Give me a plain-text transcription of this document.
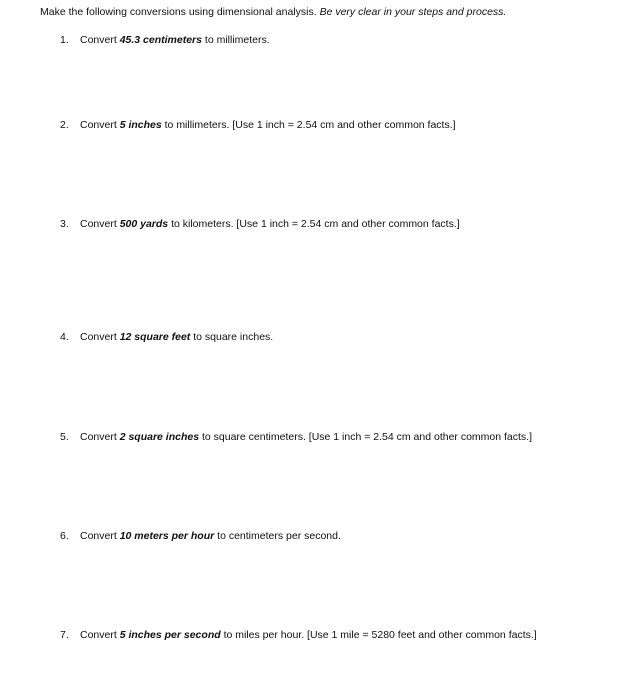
Make the following conversions using dimensional analysis. Be very clear in your steps and process.
1. Convert 45.3 centimeters to millimeters.
2. Convert 5 inches to millimeters. [Use 1 inch = 2.54 cm and other common facts.]
3. Convert 500 yards to kilometers. [Use 1 inch = 2.54 cm and other common facts.]
4. Convert 12 square feet to square inches.
5. Convert 2 square inches to square centimeters. [Use 1 inch = 2.54 cm and other common facts.]
6. Convert 10 meters per hour to centimeters per second.
7. Convert 5 inches per second to miles per hour. [Use 1 mile = 5280 feet and other common facts.]
